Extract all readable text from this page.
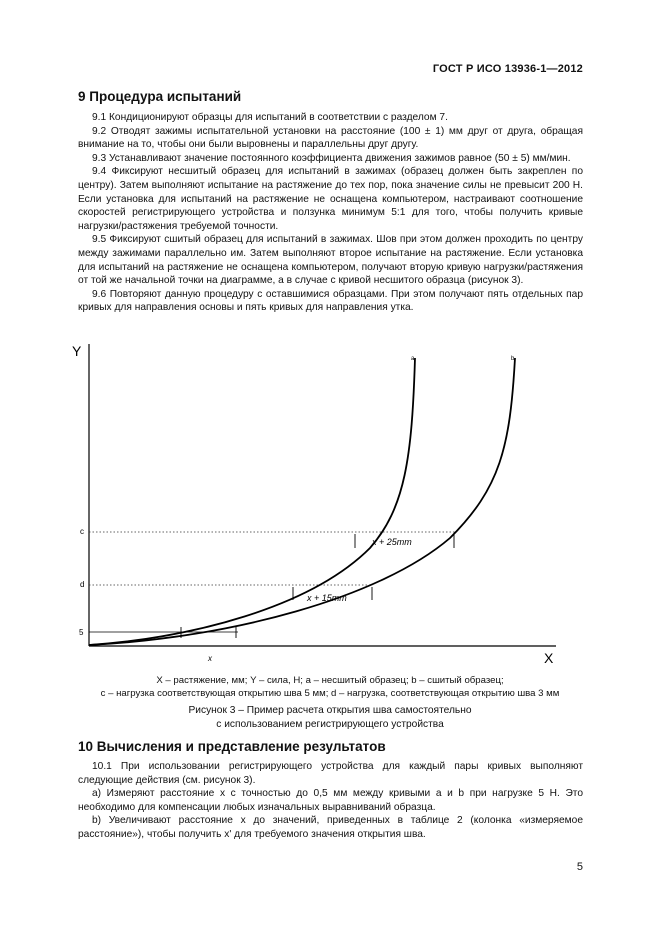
ГОСТ Р ИСО 13936-1—2012
9 Процедура испытаний

9.1 Кондиционируют образцы для испытаний в соответствии с разделом 7.

9.2 Отводят зажимы испытательной установки на расстояние (100 ± 1) мм друг от друга, обращая внимание на то, чтобы они были выровнены и параллельны друг другу.

9.3 Устанавливают значение постоянного коэффициента движения зажимов равное (50 ± 5) мм/мин.

9.4 Фиксируют несшитый образец для испытаний в зажимах (образец должен быть закреплен по центру). Затем выполняют испытание на растяжение до тех пор, пока значение силы не превысит 200 Н. Если установка для испытаний на растяжение не оснащена компьютером, настраивают соотношение скоростей регистрирующего устройства и ползунка минимум 5:1 для того, чтобы получить кривые нагрузки/растяжения требуемой точности.

9.5 Фиксируют сшитый образец для испытаний в зажимах. Шов при этом должен проходить по центру между зажимами параллельно им. Затем выполняют второе испытание на растяжение. Если установка для испытаний на растяжение не оснащена компьютером, получают вторую кривую нагрузки/растяжения от той же начальной точки на диаграмме, а в случае с кривой несшитого образца (рисунок 3).

9.6 Повторяют данную процедуру с оставшимися образцами. При этом получают пять отдельных пар кривых для направления основы и пять кривых для направления утка.

Y
X
c
d
5
a	b
x + 25mm
x + 15mm
x
X – растяжение, мм; Y – сила, Н; a – несшитый образец; b – сшитый образец;
c – нагрузка соответствующая открытию шва 5 мм; d – нагрузка, соответствующая открытию шва 3 мм
Рисунок 3 – Пример расчета открытия шва самостоятельно
с использованием регистрирующего устройства
10 Вычисления и представление результатов

10.1 При использовании регистрирующего устройства для каждый пары кривых выполняют следующие действия (см. рисунок 3).

a) Измеряют расстояние x с точностью до 0,5 мм между кривыми a и b при нагрузке 5 Н. Это необходимо для компенсации любых изначальных выравниваний образца.

b) Увеличивают расстояние x до значений, приведенных в таблице 2 (колонка «измеряемое расстояние»), чтобы получить x' для требуемого значения открытия шва.

5
